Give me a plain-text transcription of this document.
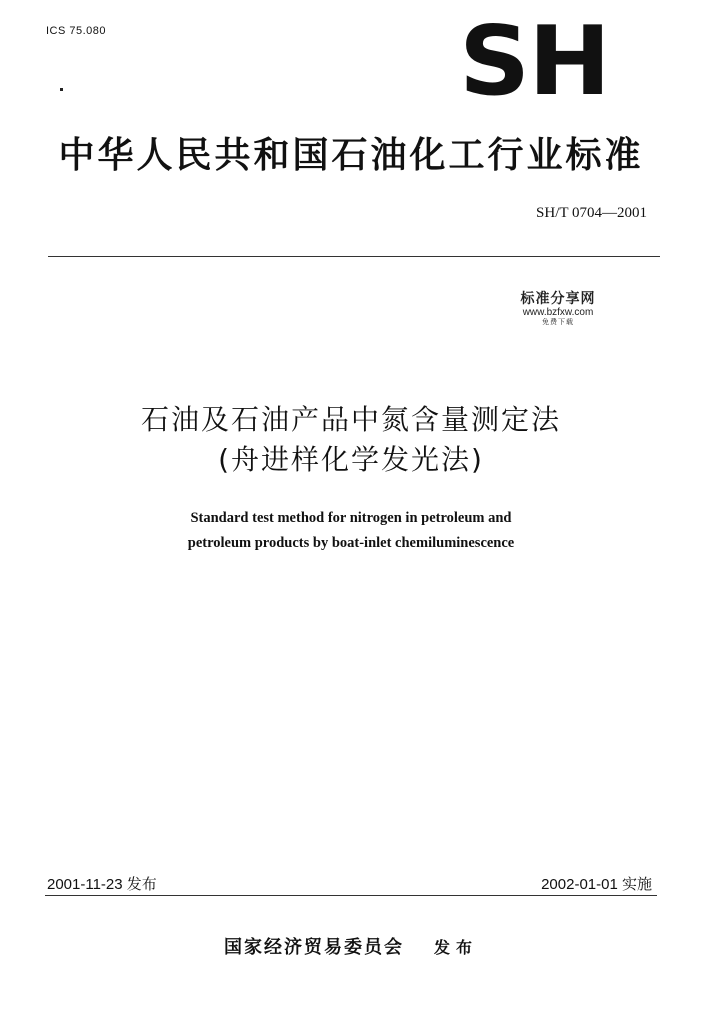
ICS 75.080	SH
中华人民共和国石油化工行业标准
SH/T 0704—2001
标准分享网
www.bzfxw.com
免费下载
石油及石油产品中氮含量测定法
(舟进样化学发光法)
Standard test method for nitrogen in petroleum and
petroleum products by boat-inlet chemiluminescence
2001-11-23 发布	2002-01-01 实施
国家经济贸易委员会 发布
